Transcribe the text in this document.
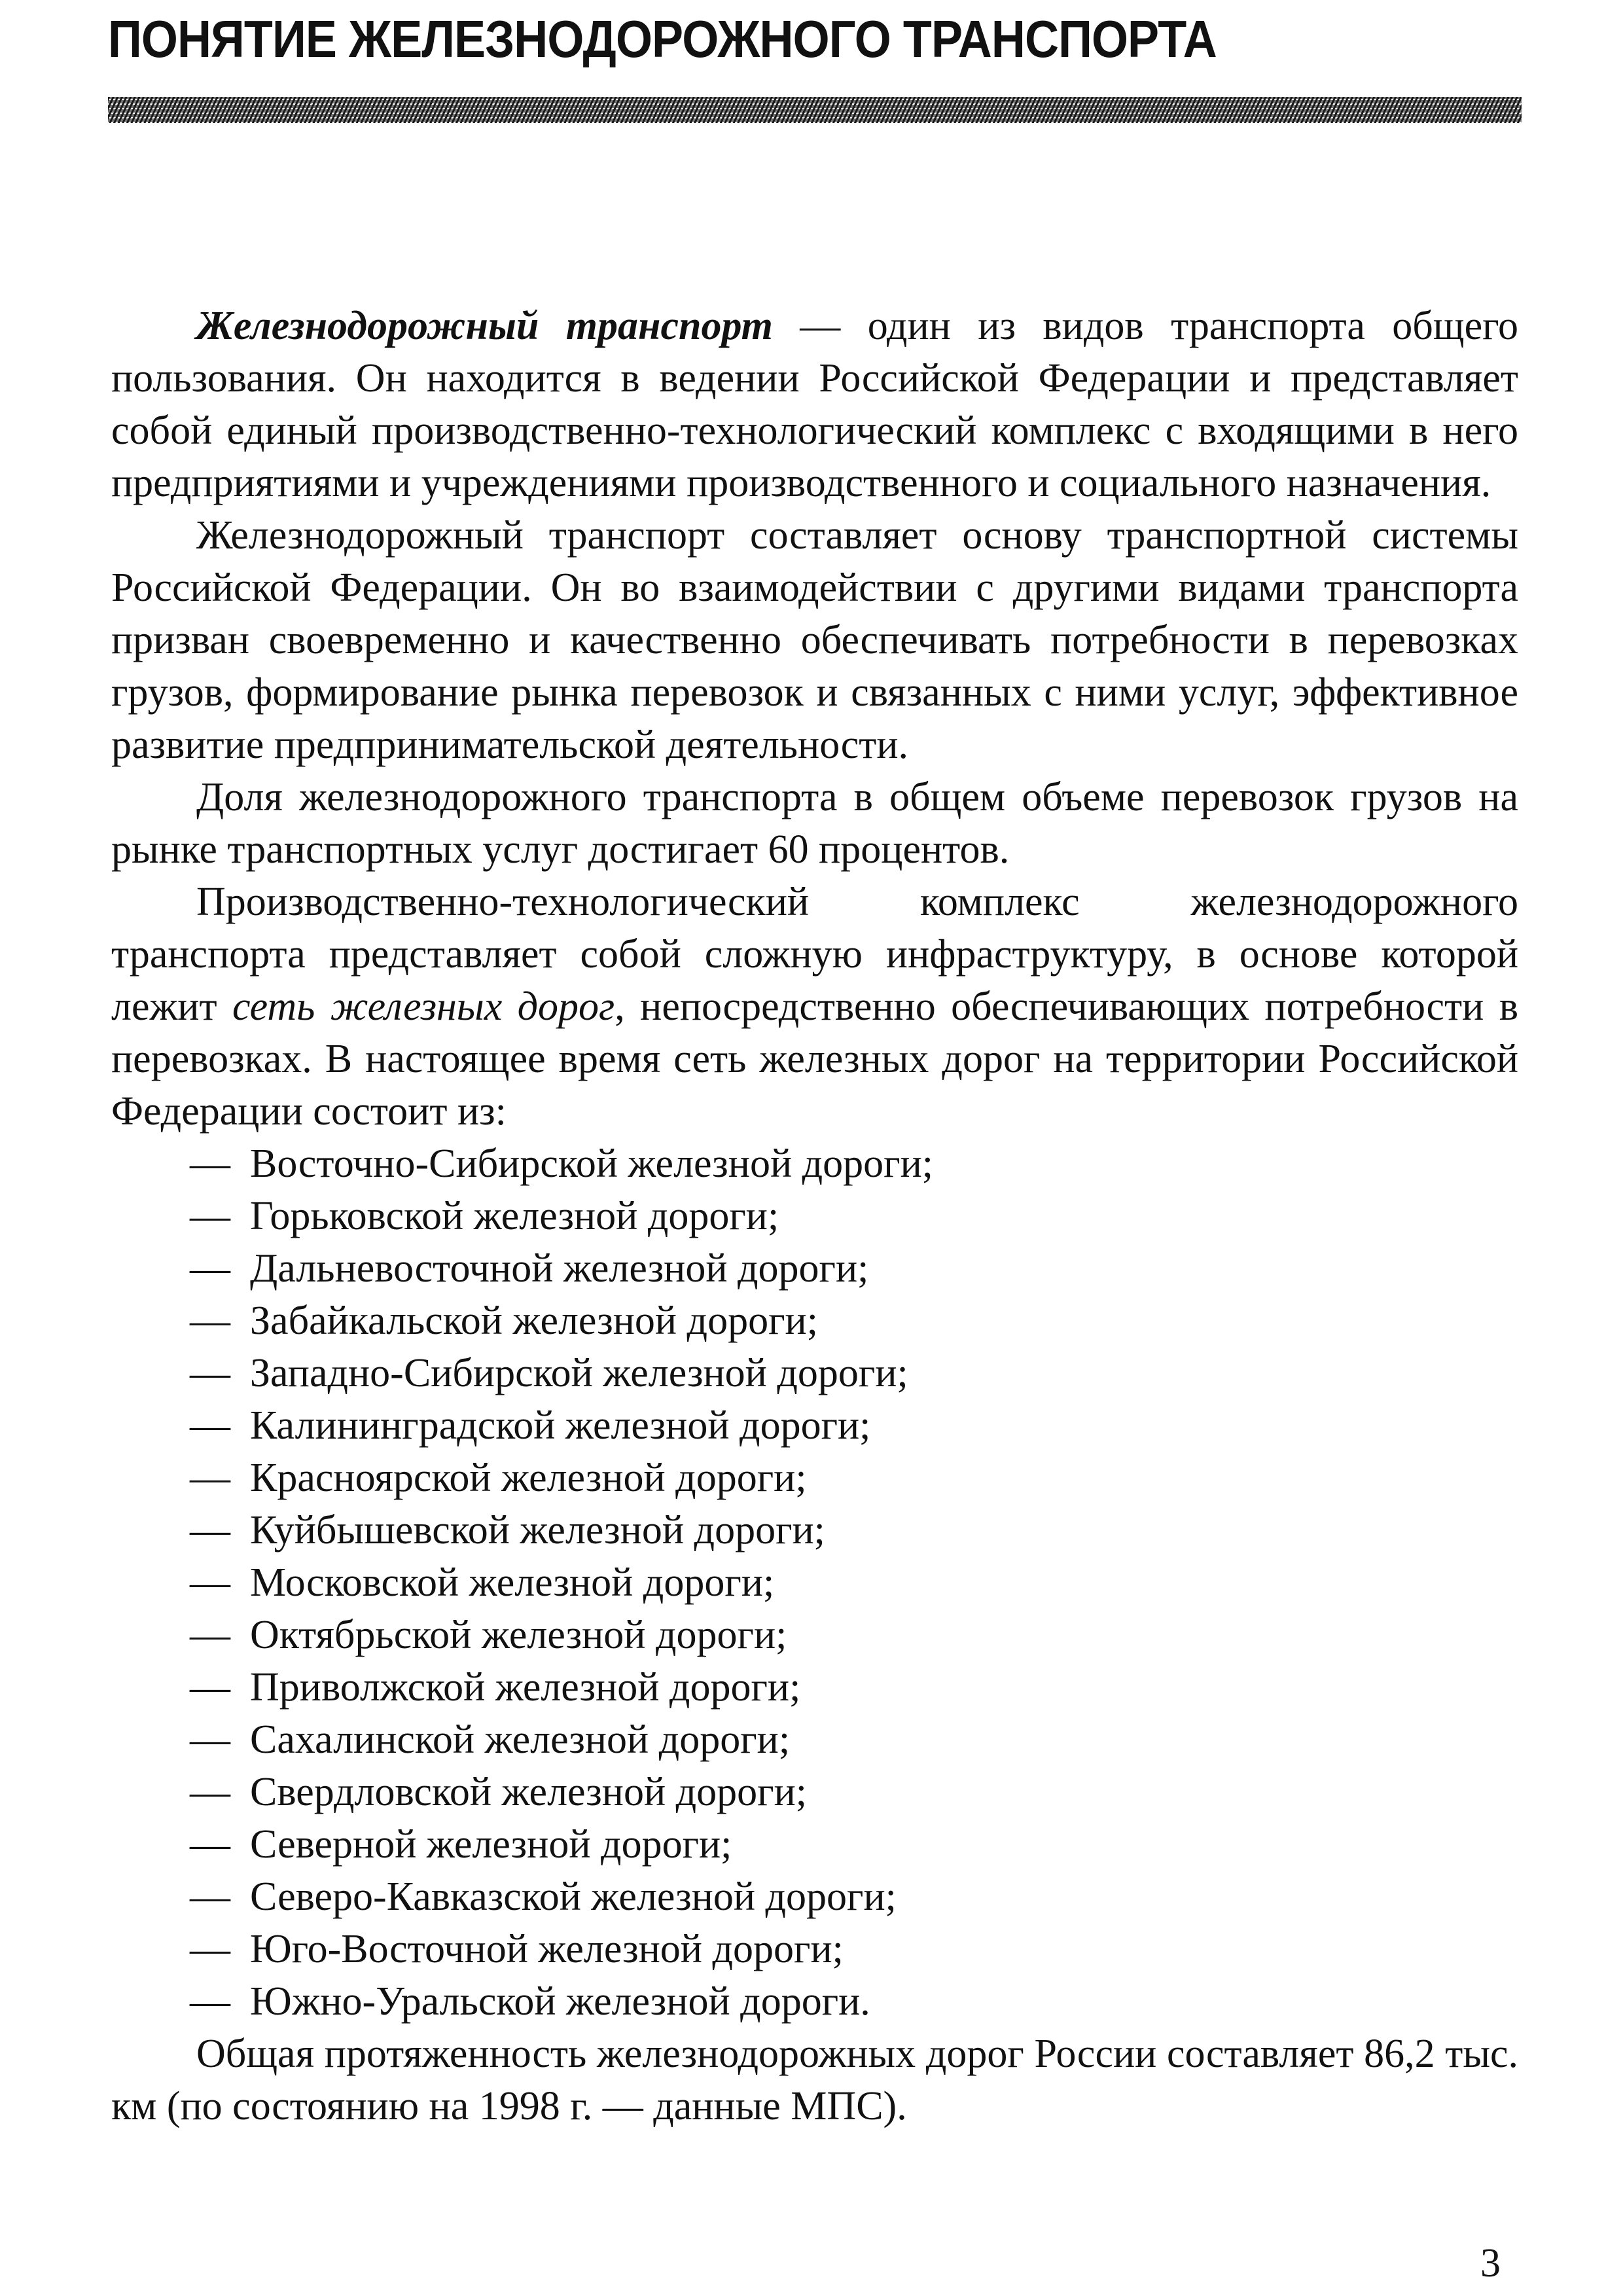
ПОНЯТИЕ ЖЕЛЕЗНОДОРОЖНОГО ТРАНСПОРТА

Железнодорожный транспорт — один из видов транспорта общего пользования. Он находится в ведении Российской Федерации и представляет собой единый производственно-технологический комплекс с входящими в него предприятиями и учреждениями производственного и социального назначения.

Железнодорожный транспорт составляет основу транспортной системы Российской Федерации. Он во взаимодействии с другими видами транспорта призван своевременно и качественно обеспечивать потребности в перевозках грузов, формирование рынка перевозок и связанных с ними услуг, эффективное развитие предпринимательской деятельности.

Доля железнодорожного транспорта в общем объеме перевозок грузов на рынке транспортных услуг достигает 60 процентов.

Производственно-технологический комплекс железнодорожного транспорта представляет собой сложную инфраструктуру, в основе которой лежит сеть железных дорог, непосредственно обеспечивающих потребности в перевозках. В настоящее время сеть железных дорог на территории Российской Федерации состоит из:

— Восточно-Сибирской железной дороги;
— Горьковской железной дороги;
— Дальневосточной железной дороги;
— Забайкальской железной дороги;
— Западно-Сибирской железной дороги;
— Калининградской железной дороги;
— Красноярской железной дороги;
— Куйбышевской железной дороги;
— Московской железной дороги;
— Октябрьской железной дороги;
— Приволжской железной дороги;
— Сахалинской железной дороги;
— Свердловской железной дороги;
— Северной железной дороги;
— Северо-Кавказской железной дороги;
— Юго-Восточной железной дороги;
— Южно-Уральской железной дороги.

Общая протяженность железнодорожных дорог России составляет 86,2 тыс. км (по состоянию на 1998 г. — данные МПС).

3
